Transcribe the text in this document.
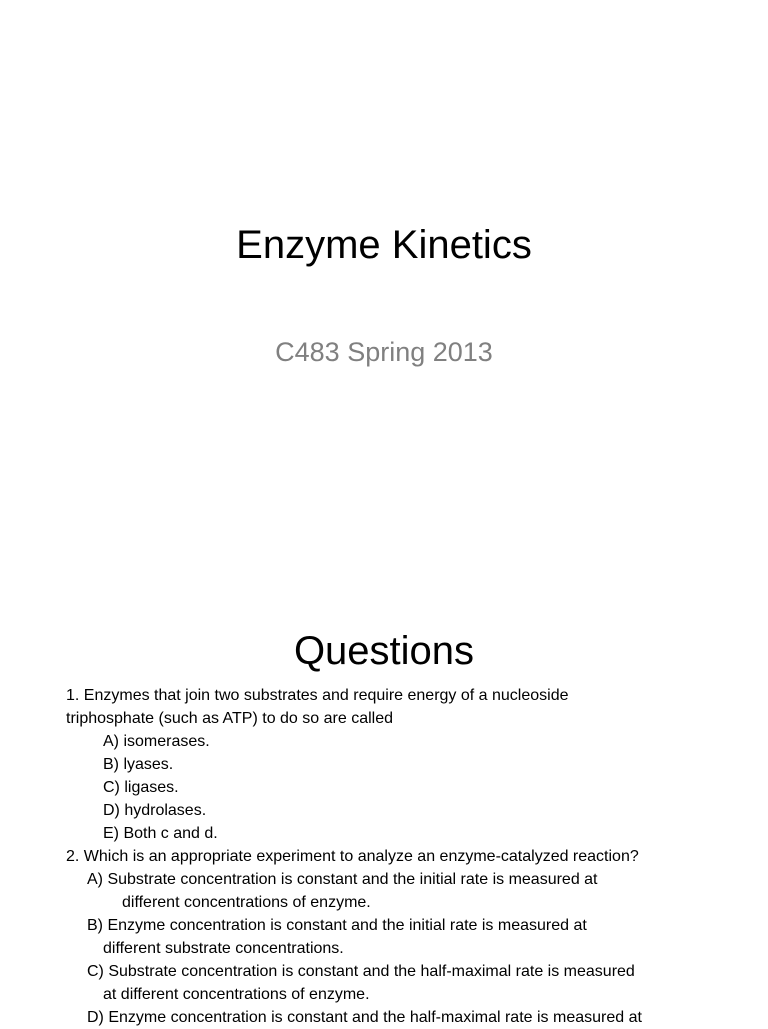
Enzyme Kinetics
C483 Spring 2013
Questions

1. Enzymes that join two substrates and require energy of a nucleoside

triphosphate (such as ATP) to do so are called

A) isomerases.

B) lyases.

C) ligases.

D) hydrolases.

E) Both c and d.

2. Which is an appropriate experiment to analyze an enzyme-catalyzed reaction?

A) Substrate concentration is constant and the initial rate is measured at

different concentrations of enzyme.

B) Enzyme concentration is constant and the initial rate is measured at

different substrate concentrations.

C) Substrate concentration is constant and the half-maximal rate is measured

at different concentrations of enzyme.

D) Enzyme concentration is constant and the half-maximal rate is measured at
